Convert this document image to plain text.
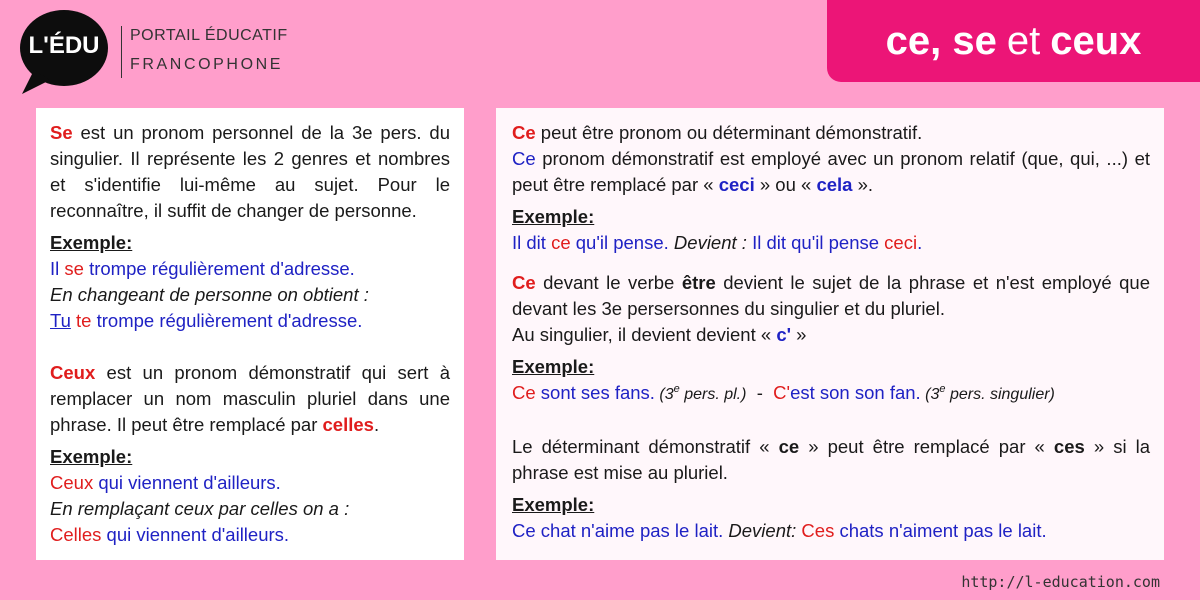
L'ÉDU	PORTAIL ÉDUCATIF
FRANCOPHONE
ce,
se et ceux

Se est un pronom personnel de la 3e pers. du singulier. Il représente les 2 genres et nombres et s'identifie lui-même au sujet. Pour le reconnaître, il suffit de changer de personne.

Exemple:

Il se trompe régulièrement d'adresse.

En changeant de personne on obtient :

Tu te trompe régulièrement d'adresse.

Ceux est un pronom démonstratif qui sert à remplacer un nom masculin pluriel dans une phrase. Il peut être remplacé par celles.

Exemple:

Ceux qui viennent d'ailleurs.

En remplaçant ceux par celles on a :

Celles qui viennent d'ailleurs.

Ce peut être pronom ou déterminant démonstratif.

Ce pronom démonstratif est employé avec un pronom relatif (que, qui, ...) et peut être remplacé par « ceci » ou « cela ».

Exemple:

Il dit ce qu'il pense. Devient : Il dit qu'il pense ceci.

Ce devant le verbe être devient le sujet de la phrase et n'est employé que devant les 3e persersonnes du singulier et du pluriel.

Au singulier, il devient devient « c' »

Exemple:

Ce sont ses fans. (3e pers. pl.)  -  C'est son son fan. (3e pers. singulier)

Le déterminant démonstratif « ce » peut être remplacé par « ces » si la phrase est mise au pluriel.

Exemple:

Ce chat n'aime pas le lait. Devient: Ces chats n'aiment pas le lait.

http://l-education.com
